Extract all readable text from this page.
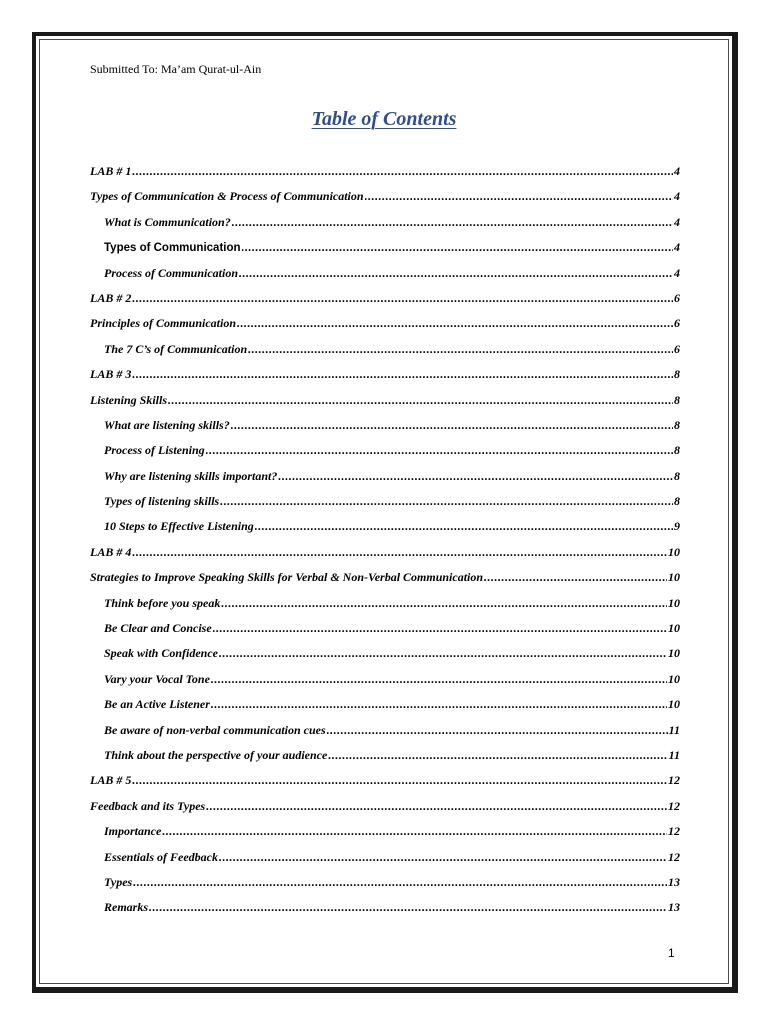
Submitted To: Ma’am Qurat-ul-Ain
Table of Contents
LAB # 1 .....	4
Types of Communication & Process of Communication .....	4
What is Communication? .....	4
Types of Communication .....	4
Process of Communication .....	4
LAB # 2 .....	6
Principles of Communication .....	6
The 7 C’s of Communication .....	6
LAB # 3 .....	8
Listening Skills .....	8
What are listening skills? .....	8
Process of Listening .....	8
Why are listening skills important? .....	8
Types of listening skills .....	8
10 Steps to Effective Listening .....	9
LAB # 4 .....	10
Strategies to Improve Speaking Skills for Verbal & Non-Verbal Communication .....	10
Think before you speak .....	10
Be Clear and Concise .....	10
Speak with Confidence .....	10
Vary your Vocal Tone .....	10
Be an Active Listener .....	10
Be aware of non-verbal communication cues .....	11
Think about the perspective of your audience .....	11
LAB # 5 .....	12
Feedback and its Types .....	12
Importance .....	12
Essentials of Feedback .....	12
Types .....	13
Remarks .....	13
1
